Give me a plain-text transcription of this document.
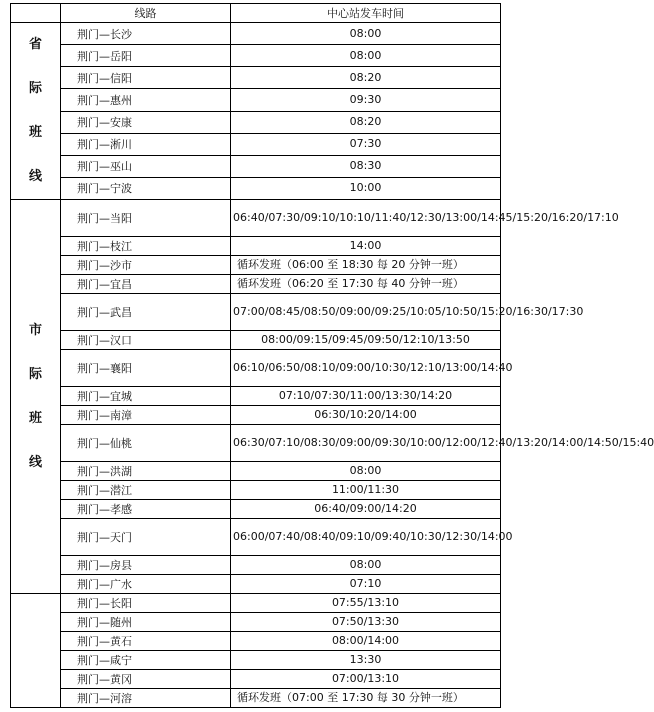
	线路	中心站发车时间

省
际
班
线	荆门—长沙	08:00
	荆门—岳阳	08:00
	荆门—信阳	08:20
	荆门—惠州	09:30
	荆门—安康	08:20
	荆门—淅川	07:30
	荆门—巫山	08:30
	荆门—宁波	10:00

市
际
班
线	荆门—当阳	06:40/07:30/09:10/10:10/11:40/12:30/13:00/14:45/15:20/16:20/17:10
	荆门—枝江	14:00
	荆门—沙市	循环发班（06:00 至 18:30 每 20 分钟一班）
	荆门—宜昌	循环发班（06:20 至 17:30 每 40 分钟一班）
	荆门—武昌	07:00/08:45/08:50/09:00/09:25/10:05/10:50/15:20/16:30/17:30
	荆门—汉口	08:00/09:15/09:45/09:50/12:10/13:50
	荆门—襄阳	06:10/06:50/08:10/09:00/10:30/12:10/13:00/14:40
	荆门—宜城	07:10/07:30/11:00/13:30/14:20
	荆门—南漳	06:30/10:20/14:00
	荆门—仙桃	06:30/07:10/08:30/09:00/09:30/10:00/12:00/12:40/13:20/14:00/14:50/15:40
	荆门—洪湖	08:00
	荆门—潜江	11:00/11:30
	荆门—孝感	06:40/09:00/14:20
	荆门—天门	06:00/07:40/08:40/09:10/09:40/10:30/12:30/14:00
	荆门—房县	08:00
	荆门—广水	07:10
	荆门—长阳	07:55/13:10
	荆门—随州	07:50/13:30
	荆门—黄石	08:00/14:00
	荆门—咸宁	13:30
	荆门—黄冈	07:00/13:10
	荆门—河溶	循环发班（07:00 至 17:30 每 30 分钟一班）
